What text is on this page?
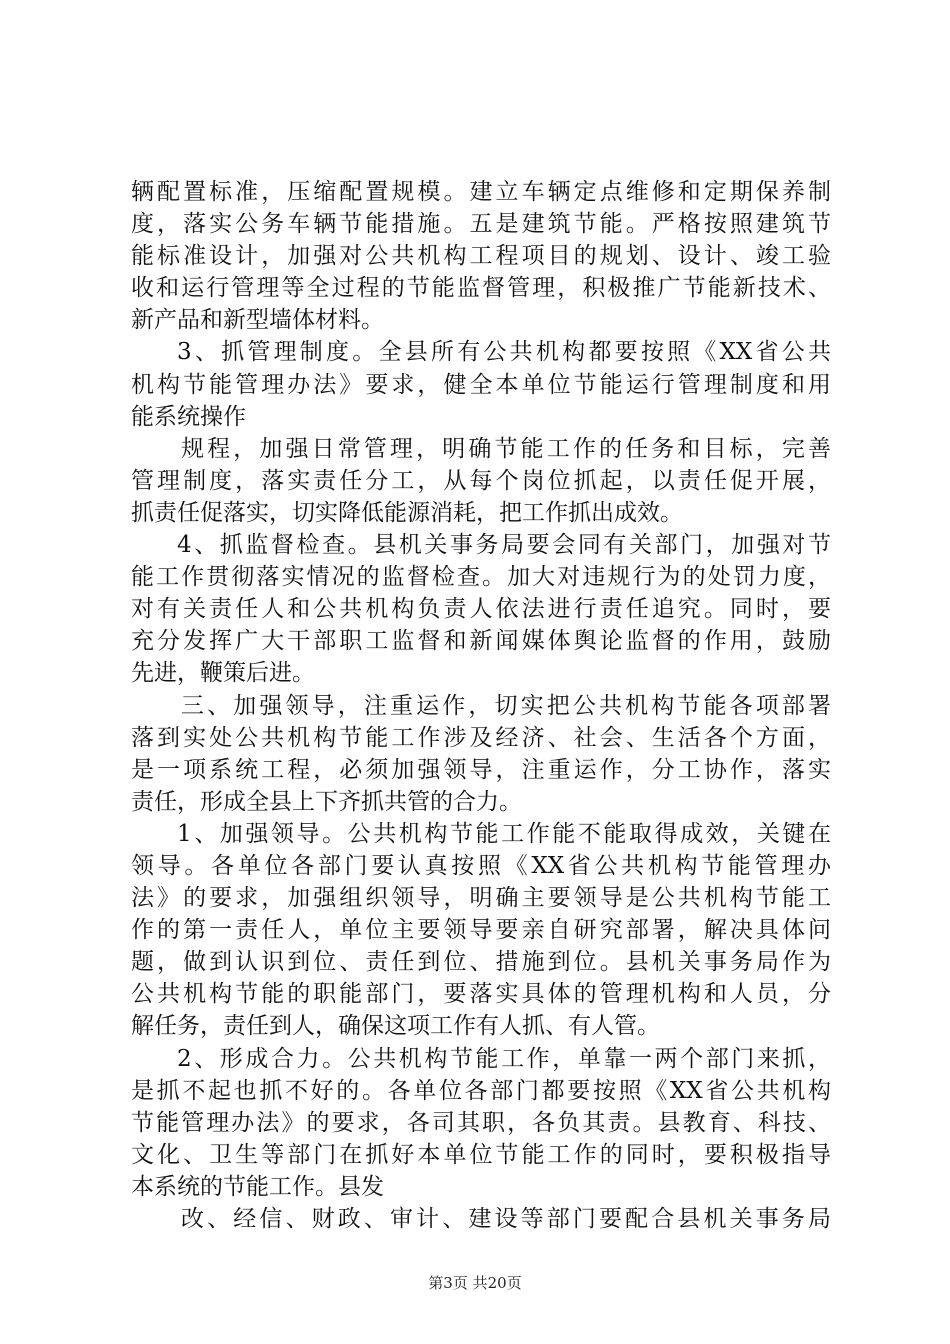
辆配置标准，压缩配置规模。建立车辆定点维修和定期保养制
度，落实公务车辆节能措施。五是建筑节能。严格按照建筑节
能标准设计，加强对公共机构工程项目的规划、设计、竣工验
收和运行管理等全过程的节能监督管理，积极推广节能新技术、
新产品和新型墙体材料。
3、抓管理制度。全县所有公共机构都要按照《XX省公共
机构节能管理办法》要求，健全本单位节能运行管理制度和用
能系统操作
规程，加强日常管理，明确节能工作的任务和目标，完善
管理制度，落实责任分工，从每个岗位抓起，以责任促开展，
抓责任促落实，切实降低能源消耗，把工作抓出成效。
4、抓监督检查。县机关事务局要会同有关部门，加强对节
能工作贯彻落实情况的监督检查。加大对违规行为的处罚力度，
对有关责任人和公共机构负责人依法进行责任追究。同时，要
充分发挥广大干部职工监督和新闻媒体舆论监督的作用，鼓励
先进，鞭策后进。
三、加强领导，注重运作，切实把公共机构节能各项部署
落到实处公共机构节能工作涉及经济、社会、生活各个方面，
是一项系统工程，必须加强领导，注重运作，分工协作，落实
责任，形成全县上下齐抓共管的合力。
1、加强领导。公共机构节能工作能不能取得成效，关键在
领导。各单位各部门要认真按照《XX省公共机构节能管理办
法》的要求，加强组织领导，明确主要领导是公共机构节能工
作的第一责任人，单位主要领导要亲自研究部署，解决具体问
题，做到认识到位、责任到位、措施到位。县机关事务局作为
公共机构节能的职能部门，要落实具体的管理机构和人员，分
解任务，责任到人，确保这项工作有人抓、有人管。
2、形成合力。公共机构节能工作，单靠一两个部门来抓，
是抓不起也抓不好的。各单位各部门都要按照《XX省公共机构
节能管理办法》的要求，各司其职，各负其责。县教育、科技、
文化、卫生等部门在抓好本单位节能工作的同时，要积极指导
本系统的节能工作。县发
改、经信、财政、审计、建设等部门要配合县机关事务局
第3页 共20页
